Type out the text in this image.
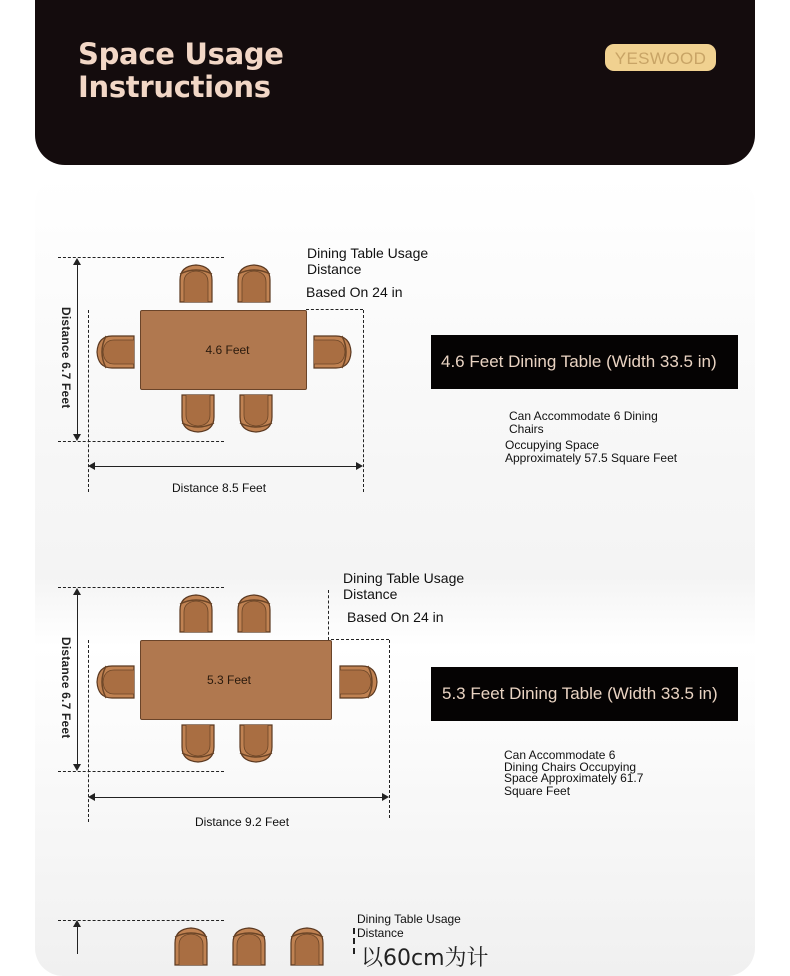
Space Usage
Instructions
YESWOOD
Distance 6.7 Feet
Distance 8.5 Feet
4.6 Feet
Dining Table Usage
Distance
Based On 24 in
4.6 Feet Dining Table (Width 33.5 in)
Can Accommodate 6 Dining
Chairs
Occupying Space
Approximately 57.5 Square Feet
Distance 6.7 Feet
Distance 9.2 Feet
5.3 Feet
Dining Table Usage
Distance
Based On 24 in
5.3 Feet Dining Table (Width 33.5 in)
Can Accommodate 6
Dining Chairs Occupying
Space Approximately 61.7
Square Feet
Dining Table Usage
Distance
以60cm为计
